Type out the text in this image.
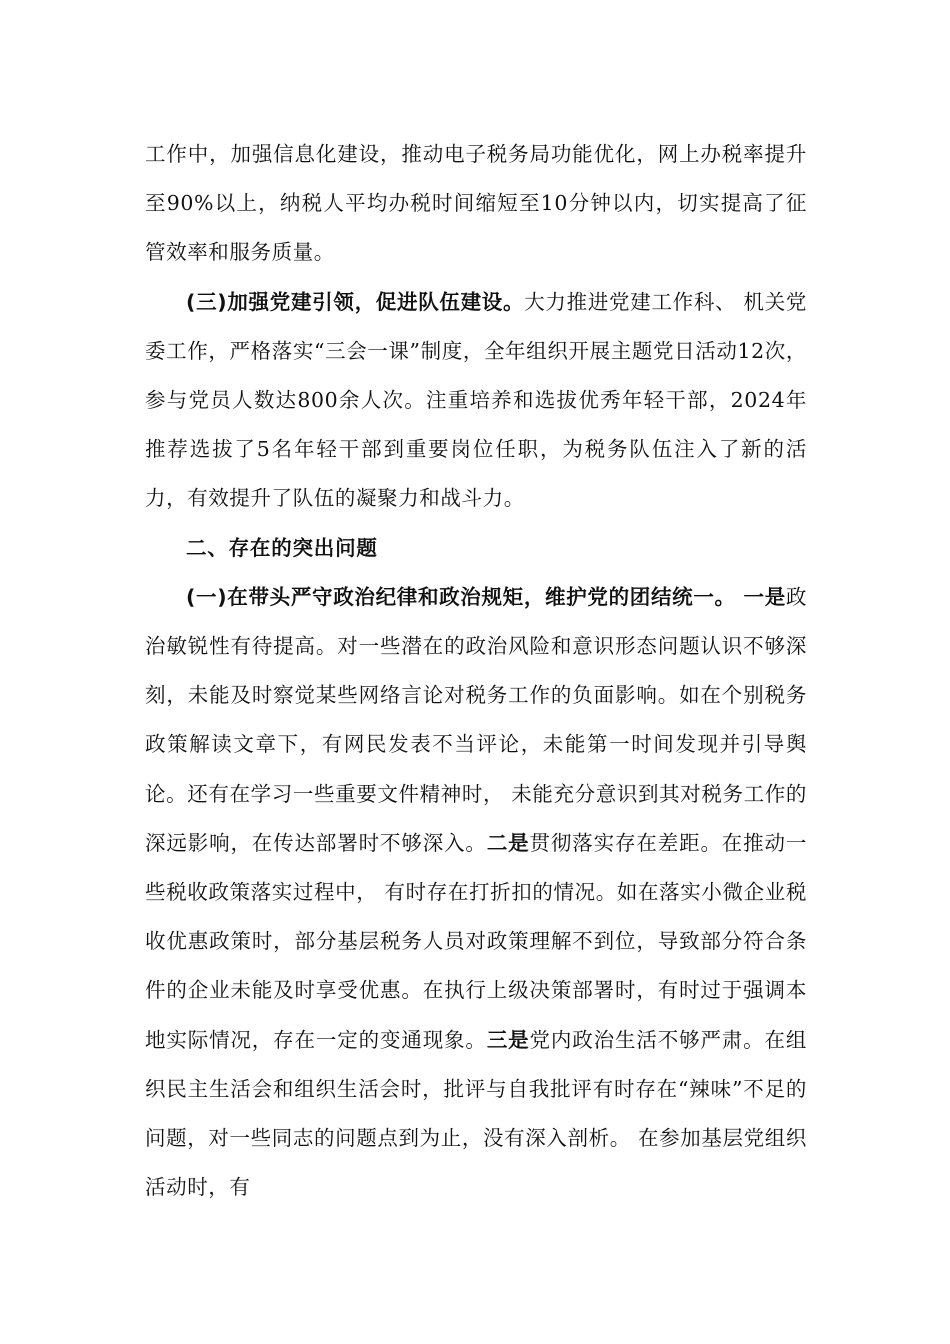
工作中，加强信息化建设，推动电子税务局功能优化，网上办税率提升至90%以上，纳税人平均办税时间缩短至10分钟以内，切实提高了征管效率和服务质量。

(三)加强党建引领，促进队伍建设。大力推进党建工作科、 机关党委工作，严格落实“三会一课”制度，全年组织开展主题党日活动12次，参与党员人数达800余人次。注重培养和选拔优秀年轻干部，2024年推荐选拔了5名年轻干部到重要岗位任职，为税务队伍注入了新的活力，有效提升了队伍的凝聚力和战斗力。

二、存在的突出问题

(一)在带头严守政治纪律和政治规矩，维护党的团结统一。 一是政治敏锐性有待提高。对一些潜在的政治风险和意识形态问题认识不够深刻，未能及时察觉某些网络言论对税务工作的负面影响。如在个别税务政策解读文章下，有网民发表不当评论，未能第一时间发现并引导舆论。还有在学习一些重要文件精神时， 未能充分意识到其对税务工作的深远影响，在传达部署时不够深入。二是贯彻落实存在差距。在推动一些税收政策落实过程中， 有时存在打折扣的情况。如在落实小微企业税收优惠政策时，部分基层税务人员对政策理解不到位，导致部分符合条件的企业未能及时享受优惠。在执行上级决策部署时，有时过于强调本地实际情况，存在一定的变通现象。三是党内政治生活不够严肃。在组织民主生活会和组织生活会时，批评与自我批评有时存在“辣味”不足的问题，对一些同志的问题点到为止，没有深入剖析。 在参加基层党组织活动时，有
